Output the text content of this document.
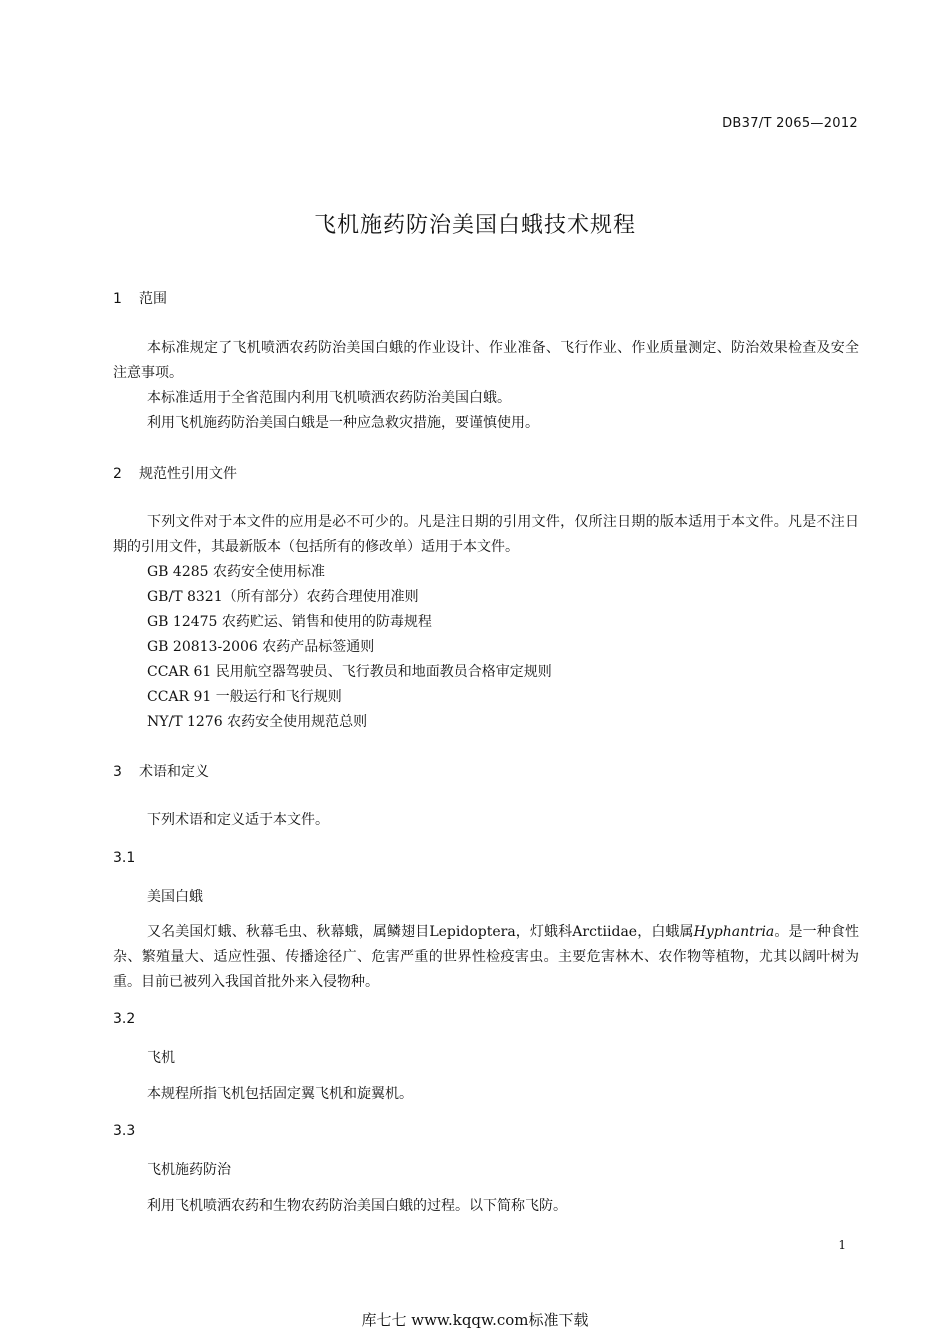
DB37/T 2065—2012
飞机施药防治美国白蛾技术规程
1 范围
本标准规定了飞机喷洒农药防治美国白蛾的作业设计、作业准备、飞行作业、作业质量测定、防治效果检查及安全注意事项。
本标准适用于全省范围内利用飞机喷洒农药防治美国白蛾。
利用飞机施药防治美国白蛾是一种应急救灾措施，要谨慎使用。
2 规范性引用文件
下列文件对于本文件的应用是必不可少的。凡是注日期的引用文件，仅所注日期的版本适用于本文件。凡是不注日期的引用文件，其最新版本（包括所有的修改单）适用于本文件。
GB 4285 农药安全使用标准
GB/T 8321（所有部分）农药合理使用准则
GB 12475 农药贮运、销售和使用的防毒规程
GB 20813-2006 农药产品标签通则
CCAR 61 民用航空器驾驶员、飞行教员和地面教员合格审定规则
CCAR 91 一般运行和飞行规则
NY/T 1276 农药安全使用规范总则
3 术语和定义
下列术语和定义适于本文件。
3.1
美国白蛾
又名美国灯蛾、秋幕毛虫、秋幕蛾，属鳞翅目Lepidoptera，灯蛾科Arctiidae，白蛾属Hyphantria。是一种食性杂、繁殖量大、适应性强、传播途径广、危害严重的世界性检疫害虫。主要危害林木、农作物等植物，尤其以阔叶树为重。目前已被列入我国首批外来入侵物种。
3.2
飞机
本规程所指飞机包括固定翼飞机和旋翼机。
3.3
飞机施药防治
利用飞机喷洒农药和生物农药防治美国白蛾的过程。以下简称飞防。
1
库七七 www.kqqw.com标准下载
